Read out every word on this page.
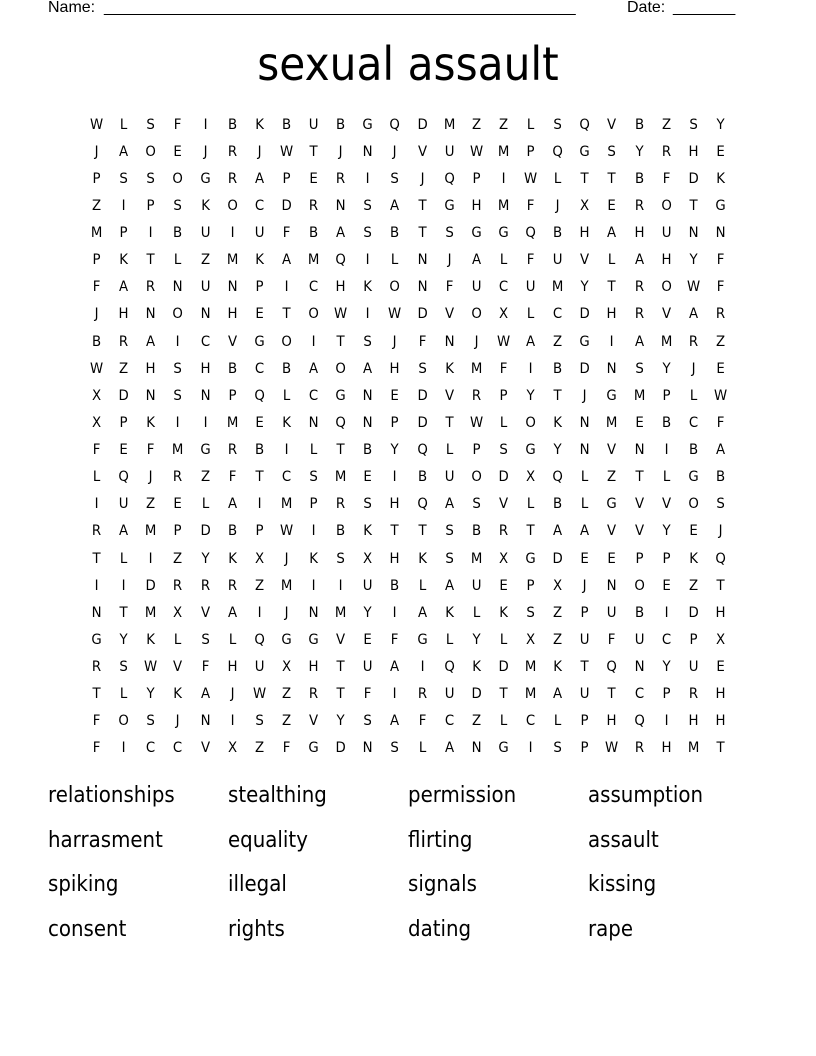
Name: _____________________________________________________	Date: _______
sexual assault
W	L	S	F	I	B	K	B	U	B	G	Q	D	M	Z	Z	L	S	Q	V	B	Z	S	Y
J	A	O	E	J	R	J	W	T	J	N	J	V	U	W	M	P	Q	G	S	Y	R	H	E
P	S	S	O	G	R	A	P	E	R	I	S	J	Q	P	I	W	L	T	T	B	F	D	K
Z	I	P	S	K	O	C	D	R	N	S	A	T	G	H	M	F	J	X	E	R	O	T	G
M	P	I	B	U	I	U	F	B	A	S	B	T	S	G	G	Q	B	H	A	H	U	N	N
P	K	T	L	Z	M	K	A	M	Q	I	L	N	J	A	L	F	U	V	L	A	H	Y	F
F	A	R	N	U	N	P	I	C	H	K	O	N	F	U	C	U	M	Y	T	R	O	W	F
J	H	N	O	N	H	E	T	O	W	I	W	D	V	O	X	L	C	D	H	R	V	A	R
B	R	A	I	C	V	G	O	I	T	S	J	F	N	J	W	A	Z	G	I	A	M	R	Z
W	Z	H	S	H	B	C	B	A	O	A	H	S	K	M	F	I	B	D	N	S	Y	J	E
X	D	N	S	N	P	Q	L	C	G	N	E	D	V	R	P	Y	T	J	G	M	P	L	W
X	P	K	I	I	M	E	K	N	Q	N	P	D	T	W	L	O	K	N	M	E	B	C	F
F	E	F	M	G	R	B	I	L	T	B	Y	Q	L	P	S	G	Y	N	V	N	I	B	A
L	Q	J	R	Z	F	T	C	S	M	E	I	B	U	O	D	X	Q	L	Z	T	L	G	B
I	U	Z	E	L	A	I	M	P	R	S	H	Q	A	S	V	L	B	L	G	V	V	O	S
R	A	M	P	D	B	P	W	I	B	K	T	T	S	B	R	T	A	A	V	V	Y	E	J
T	L	I	Z	Y	K	X	J	K	S	X	H	K	S	M	X	G	D	E	E	P	P	K	Q
I	I	D	R	R	R	Z	M	I	I	U	B	L	A	U	E	P	X	J	N	O	E	Z	T
N	T	M	X	V	A	I	J	N	M	Y	I	A	K	L	K	S	Z	P	U	B	I	D	H
G	Y	K	L	S	L	Q	G	G	V	E	F	G	L	Y	L	X	Z	U	F	U	C	P	X
R	S	W	V	F	H	U	X	H	T	U	A	I	Q	K	D	M	K	T	Q	N	Y	U	E
T	L	Y	K	A	J	W	Z	R	T	F	I	R	U	D	T	M	A	U	T	C	P	R	H
F	O	S	J	N	I	S	Z	V	Y	S	A	F	C	Z	L	C	L	P	H	Q	I	H	H
F	I	C	C	V	X	Z	F	G	D	N	S	L	A	N	G	I	S	P	W	R	H	M	T
relationships	stealthing	permission	assumption
harrasment	equality	flirting	assault
spiking	illegal	signals	kissing
consent	rights	dating	rape
